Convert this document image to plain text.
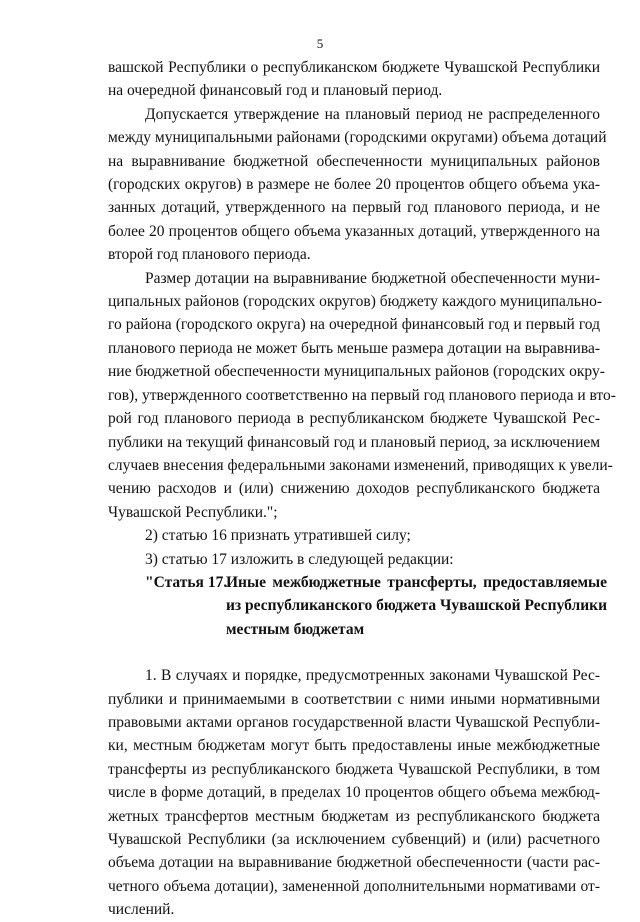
5
вашской Республики о республиканском бюджете Чувашской Республики
на очередной финансовый год и плановый период.
Допускается утверждение на плановый период не распределенного
между муниципальными районами (городскими округами) объема дотаций
на выравнивание бюджетной обеспеченности муниципальных районов
(городских округов) в размере не более 20 процентов общего объема ука-
занных дотаций, утвержденного на первый год планового периода, и не
более 20 процентов общего объема указанных дотаций, утвержденного на
второй год планового периода.
Размер дотации на выравнивание бюджетной обеспеченности муни-
ципальных районов (городских округов) бюджету каждого муниципально-
го района (городского округа) на очередной финансовый год и первый год
планового периода не может быть меньше размера дотации на выравнива-
ние бюджетной обеспеченности муниципальных районов (городских окру-
гов), утвержденного соответственно на первый год планового периода и вто-
рой год планового периода в республиканском бюджете Чувашской Рес-
публики на текущий финансовый год и плановый период, за исключением
случаев внесения федеральными законами изменений, приводящих к увели-
чению расходов и (или) снижению доходов республиканского бюджета
Чувашской Республики.";
2) статью 16 признать утратившей силу;
3) статью 17 изложить в следующей редакции:
"Статья 17.
Иные межбюджетные трансферты, предоставляемые
из республиканского бюджета Чувашской Республики
местным бюджетам
1. В случаях и порядке, предусмотренных законами Чувашской Рес-
публики и принимаемыми в соответствии с ними иными нормативными
правовыми актами органов государственной власти Чувашской Республи-
ки, местным бюджетам могут быть предоставлены иные межбюджетные
трансферты из республиканского бюджета Чувашской Республики, в том
числе в форме дотаций, в пределах 10 процентов общего объема межбюд-
жетных трансфертов местным бюджетам из республиканского бюджета
Чувашской Республики (за исключением субвенций) и (или) расчетного
объема дотации на выравнивание бюджетной обеспеченности (части рас-
четного объема дотации), замененной дополнительными нормативами от-
числений.
